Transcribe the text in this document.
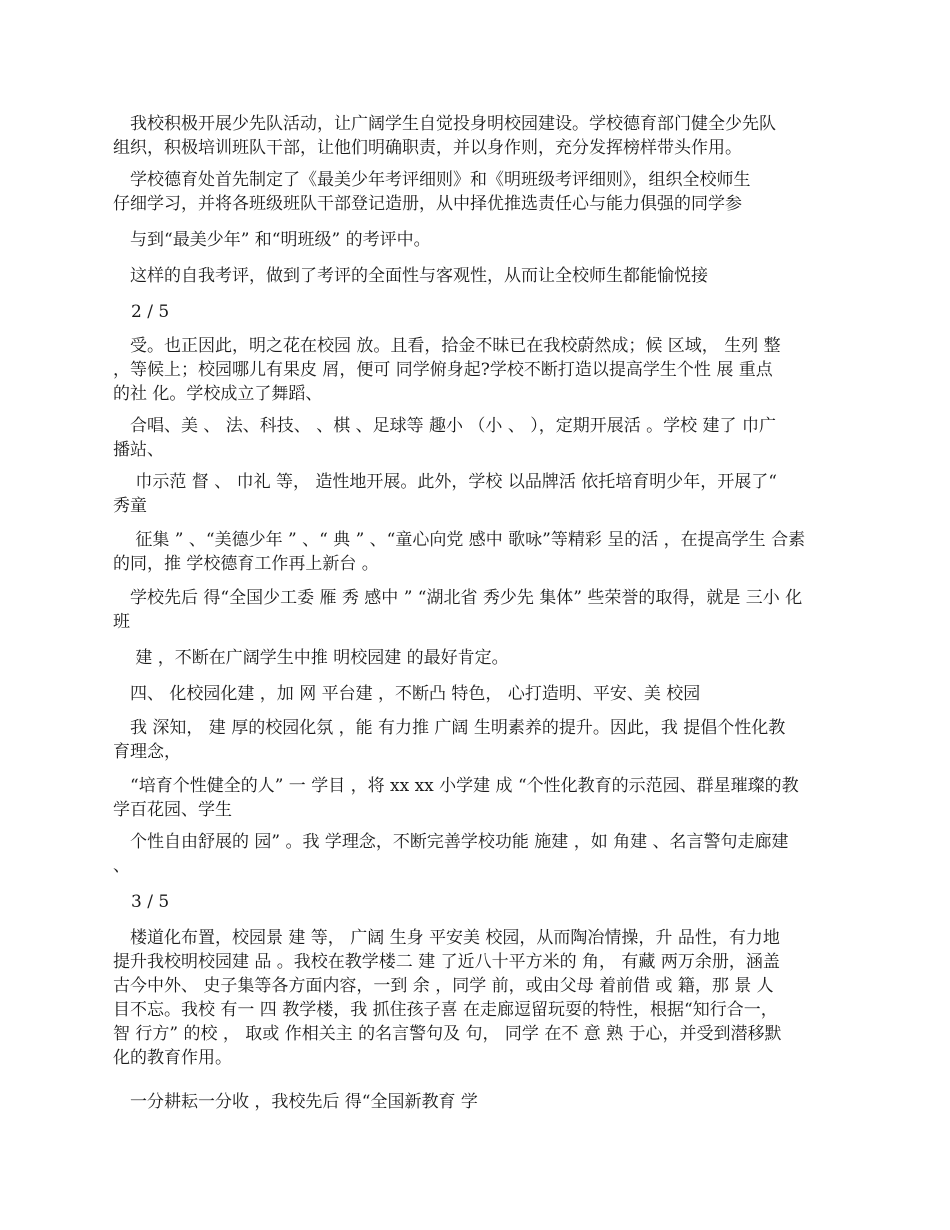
　我校积极开展少先队活动，让广阔学生自觉投身明校园建设。学校德育部门健全少先队
组织，积极培训班队干部，让他们明确职责，并以身作则，充分发挥榜样带头作用。

　学校德育处首先制定了《最美少年考评细则》和《明班级考评细则》，组织全校师生
仔细学习，并将各班级班队干部登记造册，从中择优推选责任心与能力俱强的同学参

　与到“最美少年” 和“明班级” 的考评中。

　这样的自我考评，做到了考评的全面性与客观性，从而让全校师生都能愉悦接

2 / 5

　受。也正因此，明之花在校园 放。且看，拾金不昧已在我校蔚然成；候 区域， 生列 整
，等候上；校园哪儿有果皮 屑，便可 同学俯身起?学校不断打造以提高学生个性 展 重点
的社 化。学校成立了舞蹈、

　合唱、美 、 法、科技、 、棋 、足球等 趣小 （小 、 ），定期开展活 。学校 建了 巾广
播站、

　 巾示范 督 、 巾礼 等， 造性地开展。此外，学校 以品牌活 依托培育明少年，开展了“
秀童

　 征集 ” 、“美德少年 ” 、“ 典 ” 、“童心向党 感中 歌咏”等精彩 呈的活 ，在提高学生 合素
的同，推 学校德育工作再上新台 。

　学校先后 得“全国少工委 雁 秀 感中 ” “湖北省 秀少先 集体” 些荣誉的取得，就是 三小 化
班

　 建 ，不断在广阔学生中推 明校园建 的最好肯定。

　四、 化校园化建 ，加 网 平台建 ，不断凸 特色， 心打造明、平安、美 校园

　我 深知， 建 厚的校园化氛 ，能 有力推 广阔 生明素养的提升。因此，我 提倡个性化教
育理念，

　“培育个性健全的人” 一 学目 ，将 xx xx 小学建 成 “个性化教育的示范园、群星璀璨的教
学百花园、学生

　个性自由舒展的 园” 。我 学理念，不断完善学校功能 施建 ，如 角建 、名言警句走廊建
、

3 / 5

　楼道化布置，校园景 建 等， 广阔 生身 平安美 校园，从而陶冶情操，升 品性，有力地
提升我校明校园建 品 。我校在教学楼二 建 了近八十平方米的 角， 有藏 两万余册，涵盖
古今中外、 史子集等各方面内容，一到 余 ，同学 前，或由父母 着前借 或 籍，那 景 人
目不忘。我校 有一 四 教学楼，我 抓住孩子喜 在走廊逗留玩耍的特性，根据“知行合一，
智 行方” 的校 ， 取或 作相关主 的名言警句及 句， 同学 在不 意 熟 于心，并受到潜移默
化的教育作用。

　一分耕耘一分收 ，我校先后 得“全国新教育 学
